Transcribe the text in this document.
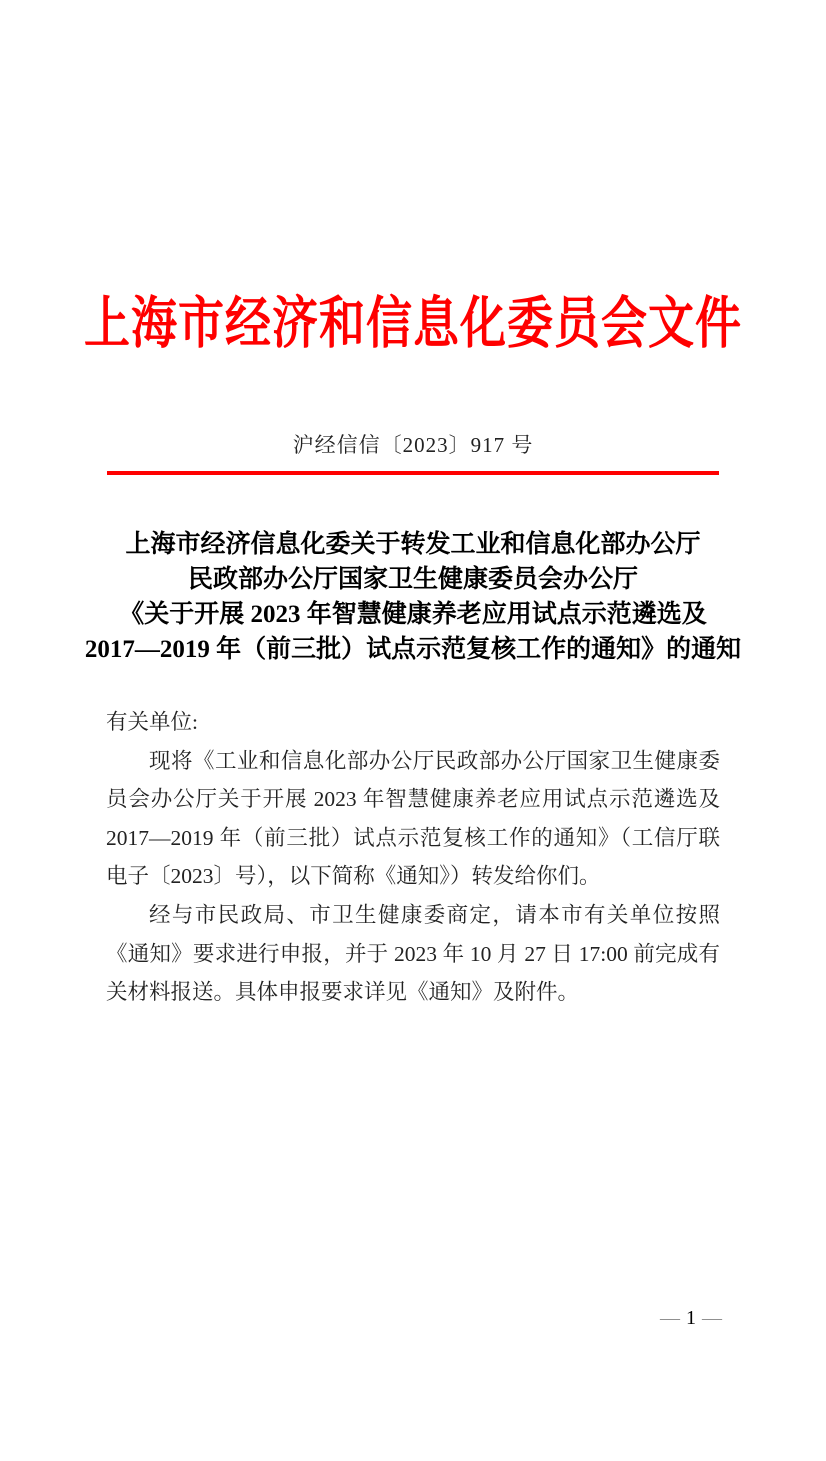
上海市经济和信息化委员会文件
沪经信信〔2023〕917 号
上海市经济信息化委关于转发工业和信息化部办公厅
民政部办公厅国家卫生健康委员会办公厅
《关于开展 2023 年智慧健康养老应用试点示范遴选及
2017—2019 年（前三批）试点示范复核工作的通知》的通知
有关单位:

现将《工业和信息化部办公厅民政部办公厅国家卫生健康委员会办公厅关于开展 2023 年智慧健康养老应用试点示范遴选及 2017—2019 年（前三批）试点示范复核工作的通知》（工信厅联电子〔2023〕号），以下简称《通知》）转发给你们。

经与市民政局、市卫生健康委商定，请本市有关单位按照《通知》要求进行申报，并于 2023 年 10 月 27 日 17:00 前完成有关材料报送。具体申报要求详见《通知》及附件。

— 1 —
